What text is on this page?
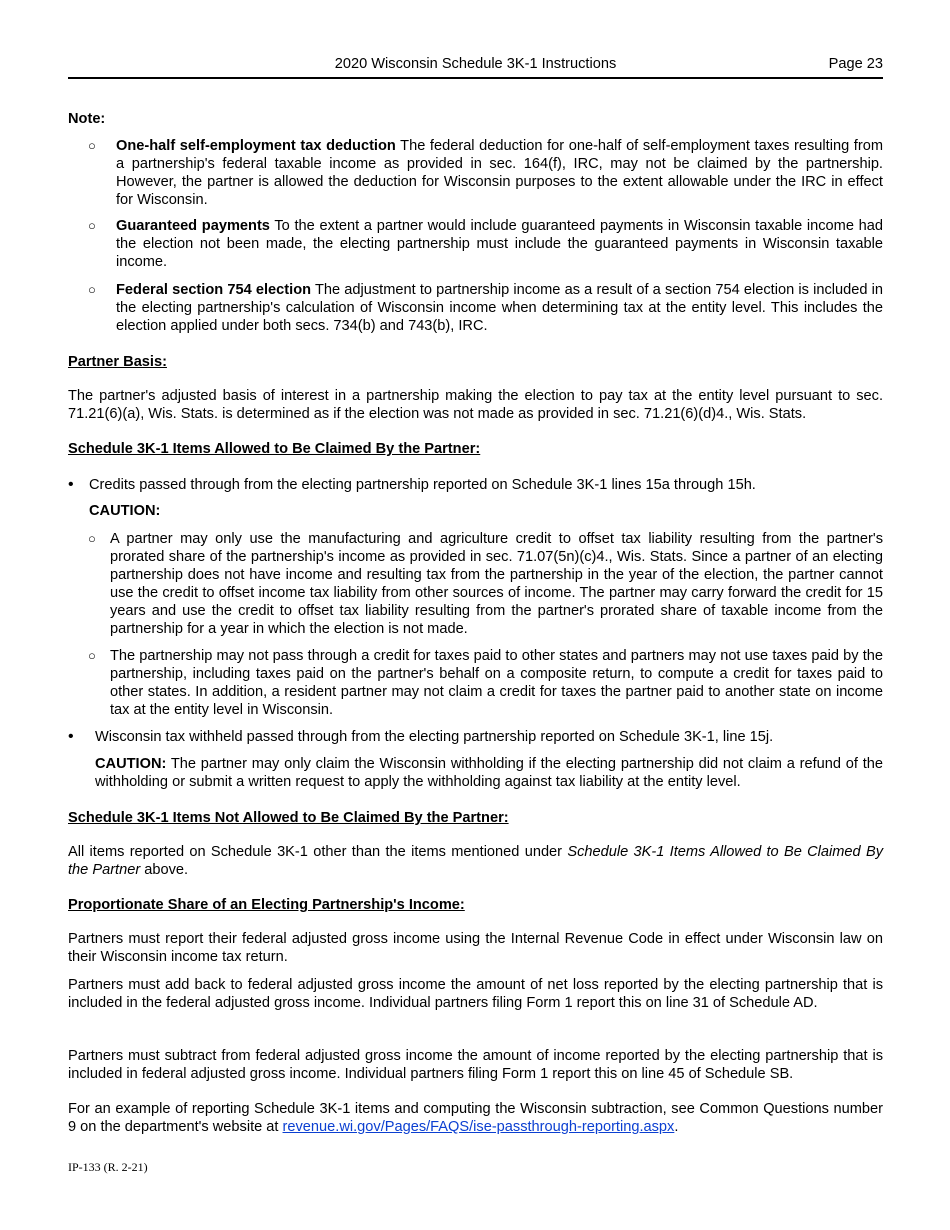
2020 Wisconsin Schedule 3K-1 Instructions	Page 23

Note:

○ One-half self-employment tax deduction The federal deduction for one-half of self-employment taxes resulting from a partnership's federal taxable income as provided in sec. 164(f), IRC, may not be claimed by the partnership. However, the partner is allowed the deduction for Wisconsin purposes to the extent allowable under the IRC in effect for Wisconsin.

○ Guaranteed payments To the extent a partner would include guaranteed payments in Wisconsin taxable income had the election not been made, the electing partnership must include the guaranteed payments in Wisconsin taxable income.

○ Federal section 754 election The adjustment to partnership income as a result of a section 754 election is included in the electing partnership's calculation of Wisconsin income when determining tax at the entity level. This includes the election applied under both secs. 734(b) and 743(b), IRC.

Partner Basis:

The partner's adjusted basis of interest in a partnership making the election to pay tax at the entity level pursuant to sec. 71.21(6)(a), Wis. Stats. is determined as if the election was not made as provided in sec. 71.21(6)(d)4., Wis. Stats.

Schedule 3K-1 Items Allowed to Be Claimed By the Partner:

• Credits passed through from the electing partnership reported on Schedule 3K-1 lines 15a through 15h.

CAUTION:

○ A partner may only use the manufacturing and agriculture credit to offset tax liability resulting from the partner's prorated share of the partnership's income as provided in sec. 71.07(5n)(c)4., Wis. Stats. Since a partner of an electing partnership does not have income and resulting tax from the partnership in the year of the election, the partner cannot use the credit to offset income tax liability from other sources of income. The partner may carry forward the credit for 15 years and use the credit to offset tax liability resulting from the partner's prorated share of taxable income from the partnership for a year in which the election is not made.

○ The partnership may not pass through a credit for taxes paid to other states and partners may not use taxes paid by the partnership, including taxes paid on the partner's behalf on a composite return, to compute a credit for taxes paid to other states. In addition, a resident partner may not claim a credit for taxes the partner paid to another state on income tax at the entity level in Wisconsin.

• Wisconsin tax withheld passed through from the electing partnership reported on Schedule 3K-1, line 15j.

CAUTION: The partner may only claim the Wisconsin withholding if the electing partnership did not claim a refund of the withholding or submit a written request to apply the withholding against tax liability at the entity level.

Schedule 3K-1 Items Not Allowed to Be Claimed By the Partner:

All items reported on Schedule 3K-1 other than the items mentioned under Schedule 3K-1 Items Allowed to Be Claimed By the Partner above.

Proportionate Share of an Electing Partnership's Income:

Partners must report their federal adjusted gross income using the Internal Revenue Code in effect under Wisconsin law on their Wisconsin income tax return.

Partners must add back to federal adjusted gross income the amount of net loss reported by the electing partnership that is included in the federal adjusted gross income. Individual partners filing Form 1 report this on line 31 of Schedule AD.

Partners must subtract from federal adjusted gross income the amount of income reported by the electing partnership that is included in federal adjusted gross income. Individual partners filing Form 1 report this on line 45 of Schedule SB.

For an example of reporting Schedule 3K-1 items and computing the Wisconsin subtraction, see Common Questions number 9 on the department's website at revenue.wi.gov/Pages/FAQS/ise-passthrough-reporting.aspx.

IP-133 (R. 2-21)
